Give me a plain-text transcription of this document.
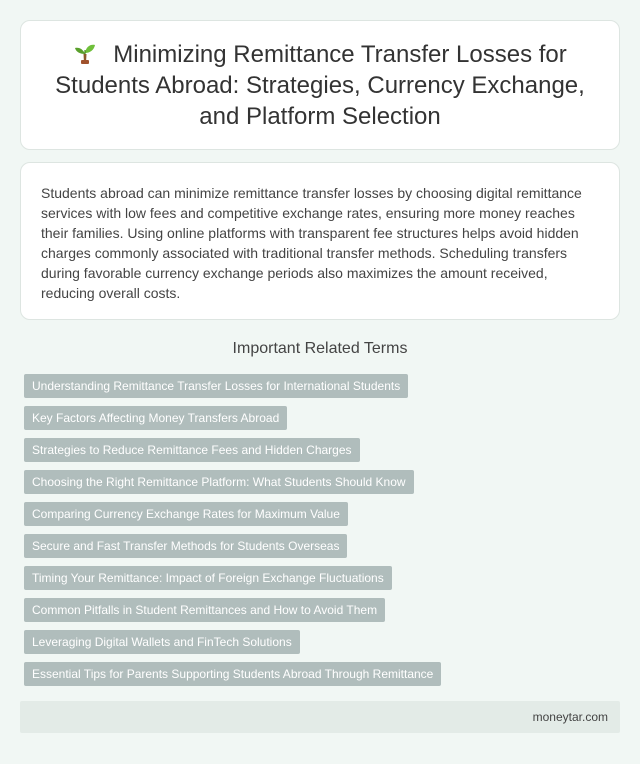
Minimizing Remittance Transfer Losses for Students Abroad: Strategies, Currency Exchange, and Platform Selection

Students abroad can minimize remittance transfer losses by choosing digital remittance services with low fees and competitive exchange rates, ensuring more money reaches their families. Using online platforms with transparent fee structures helps avoid hidden charges commonly associated with traditional transfer methods. Scheduling transfers during favorable currency exchange periods also maximizes the amount received, reducing overall costs.

Important Related Terms
Understanding Remittance Transfer Losses for International Students
Key Factors Affecting Money Transfers Abroad
Strategies to Reduce Remittance Fees and Hidden Charges
Choosing the Right Remittance Platform: What Students Should Know
Comparing Currency Exchange Rates for Maximum Value
Secure and Fast Transfer Methods for Students Overseas
Timing Your Remittance: Impact of Foreign Exchange Fluctuations
Common Pitfalls in Student Remittances and How to Avoid Them
Leveraging Digital Wallets and FinTech Solutions
Essential Tips for Parents Supporting Students Abroad Through Remittance
moneytar.com
